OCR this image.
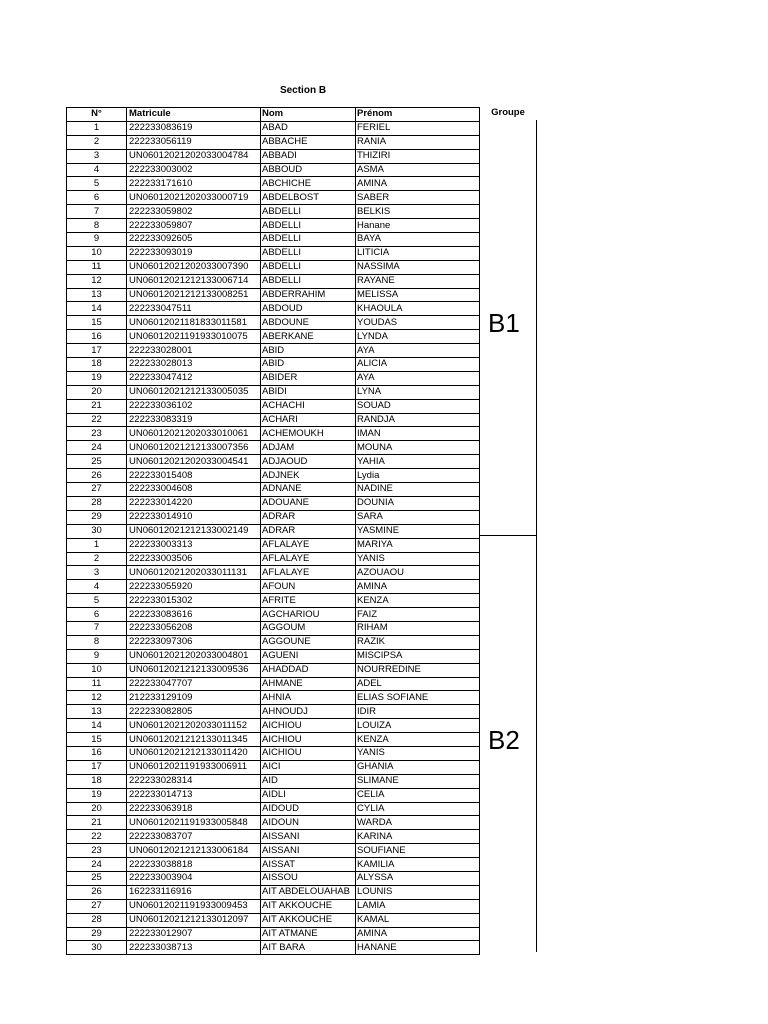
Section B
N°	Matricule	Nom	Prénom
1	222233083619	ABAD	FERIEL
2	222233056119	ABBACHE	RANIA
3	UN06012021202033004784	ABBADI	THIZIRI
4	222233003002	ABBOUD	ASMA
5	222233171610	ABCHICHE	AMINA
6	UN06012021202033000719	ABDELBOST	SABER
7	222233059802	ABDELLI	BELKIS
8	222233059807	ABDELLI	Hanane
9	222233092605	ABDELLI	BAYA
10	222233093019	ABDELLI	LITICIA
11	UN06012021202033007390	ABDELLI	NASSIMA
12	UN06012021212133006714	ABDELLI	RAYANE
13	UN06012021212133008251	ABDERRAHIM	MELISSA
14	222233047511	ABDOUD	KHAOULA
15	UN06012021181833011581	ABDOUNE	YOUDAS
16	UN06012021191933010075	ABERKANE	LYNDA
17	222233028001	ABID	AYA
18	222233028013	ABID	ALICIA
19	222233047412	ABIDER	AYA
20	UN06012021212133005035	ABIDI	LYNA
21	222233036102	ACHACHI	SOUAD
22	222233083319	ACHARI	RANDJA
23	UN06012021202033010061	ACHEMOUKH	IMAN
24	UN06012021212133007356	ADJAM	MOUNA
25	UN06012021202033004541	ADJAOUD	YAHIA
26	222233015408	ADJNEK	Lydia
27	222233004608	ADNANE	NADINE
28	222233014220	ADOUANE	DOUNIA
29	222233014910	ADRAR	SARA
30	UN06012021212133002149	ADRAR	YASMINE
1	222233003313	AFLALAYE	MARIYA
2	222233003506	AFLALAYE	YANIS
3	UN06012021202033011131	AFLALAYE	AZOUAOU
4	222233055920	AFOUN	AMINA
5	222233015302	AFRITE	KENZA
6	222233083616	AGCHARIOU	FAIZ
7	222233056208	AGGOUM	RIHAM
8	222233097306	AGGOUNE	RAZIK
9	UN06012021202033004801	AGUENI	MISCIPSA
10	UN06012021212133009536	AHADDAD	NOURREDINE
11	222233047707	AHMANE	ADEL
12	212233129109	AHNIA	ELIAS SOFIANE
13	222233082805	AHNOUDJ	IDIR
14	UN06012021202033011152	AICHIOU	LOUIZA
15	UN06012021212133011345	AICHIOU	KENZA
16	UN06012021212133011420	AICHIOU	YANIS
17	UN06012021191933006911	AICI	GHANIA
18	222233028314	AID	SLIMANE
19	222233014713	AIDLI	CELIA
20	222233063918	AIDOUD	CYLIA
21	UN06012021191933005848	AIDOUN	WARDA
22	222233083707	AISSANI	KARINA
23	UN06012021212133006184	AISSANI	SOUFIANE
24	222233038818	AISSAT	KAMILIA
25	222233003904	AISSOU	ALYSSA
26	162233116916	AIT ABDELOUAHAB	LOUNIS
27	UN06012021191933009453	AIT AKKOUCHE	LAMIA
28	UN06012021212133012097	AIT AKKOUCHE	KAMAL
29	222233012907	AIT ATMANE	AMINA
30	222233038713	AIT BARA	HANANE
Groupe
B1
B2
